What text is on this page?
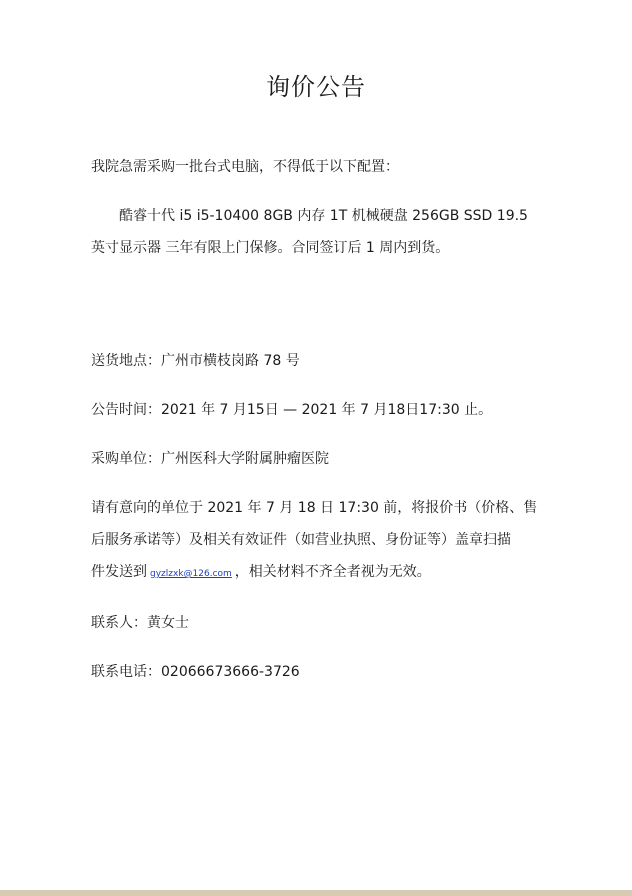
询价公告
我院急需采购一批台式电脑，不得低于以下配置：
酷睿十代 i5 i5-10400 8GB 内存 1T 机械硬盘 256GB SSD 19.5
英寸显示器 三年有限上门保修。合同签订后 1 周内到货。
送货地点：广州市横枝岗路 78 号
公告时间：2021 年 7 月15日 — 2021 年 7 月18日17:30 止。
采购单位：广州医科大学附属肿瘤医院
请有意向的单位于 2021 年 7 月 18 日 17:30 前，将报价书（价格、售
后服务承诺等）及相关有效证件（如营业执照、身份证等）盖章扫描
件发送到 gyzlzxk@126.com ，相关材料不齐全者视为无效。
联系人：黄女士
联系电话：02066673666-3726
